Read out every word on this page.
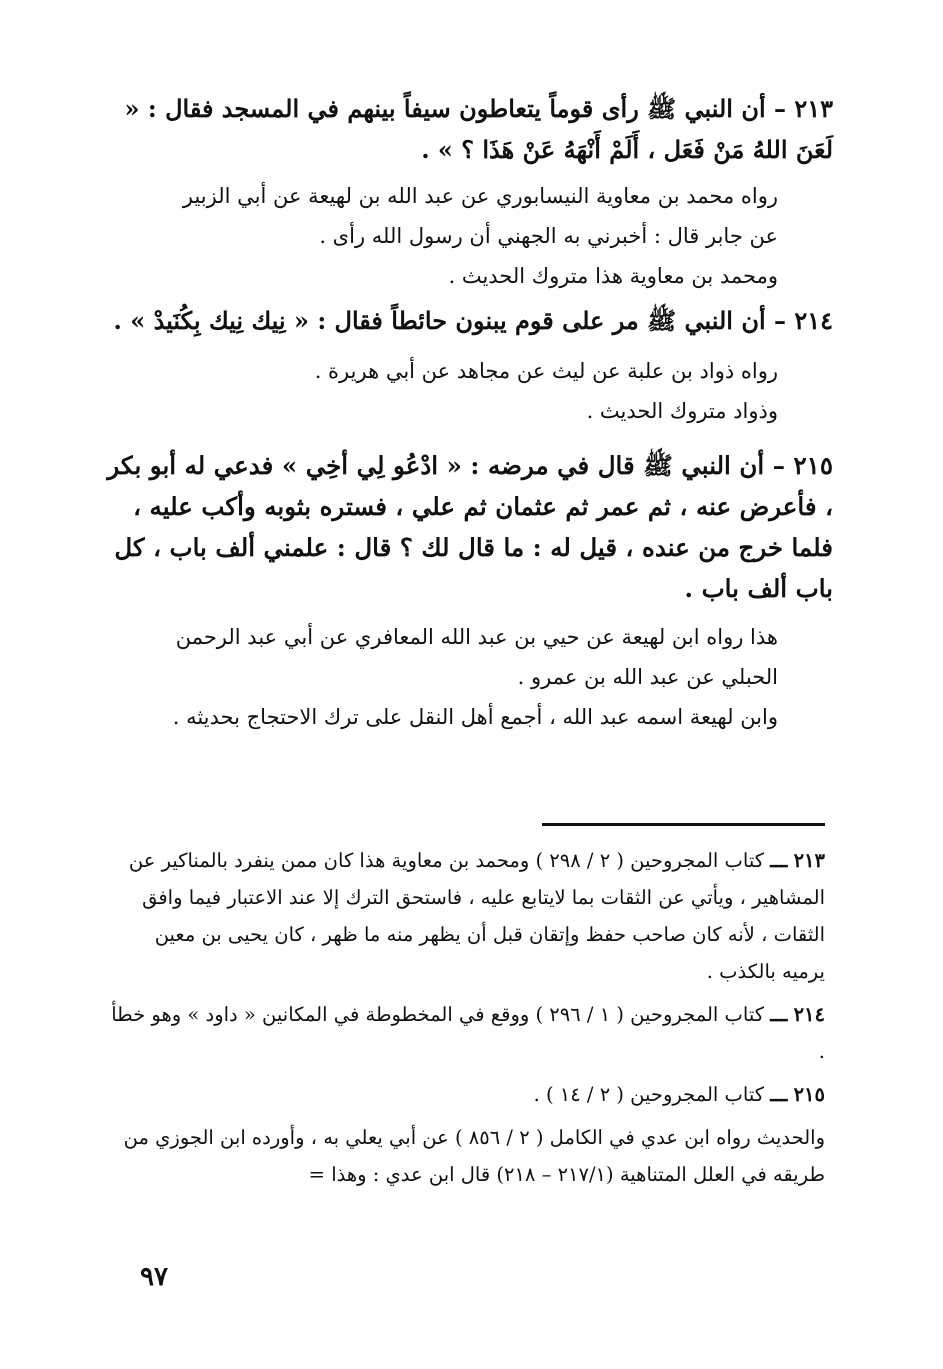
٢١٣ – أن النبي ﷺ رأى قوماً يتعاطون سيفاً بينهم في المسجد فقال : « لَعَنَ اللهُ مَنْ فَعَل ، أَلَمْ أَنْهَهُ عَنْ هَذَا ؟ » .

رواه محمد بن معاوية النيسابوري عن عبد الله بن لهيعة عن أبي الزبير
عن جابر قال : أخبرني به الجهني أن رسول الله رأى .
ومحمد بن معاوية هذا متروك الحديث .

٢١٤ – أن النبي ﷺ مر على قوم يبنون حائطاً فقال : « نِيك نِيك بِكُنَيدْ » .

رواه ذواد بن علبة عن ليث عن مجاهد عن أبي هريرة .
وذواد متروك الحديث .

٢١٥ – أن النبي ﷺ قال في مرضه : « ادْعُو لِي أخِي » فدعي له أبو بكر ، فأعرض عنه ، ثم عمر ثم عثمان ثم علي ، فستره بثوبه وأكب عليه ، فلما خرج من عنده ، قيل له : ما قال لك ؟ قال : علمني ألف باب ، كل باب ألف باب .

هذا رواه ابن لهيعة عن حيي بن عبد الله المعافري عن أبي عبد الرحمن
الحبلي عن عبد الله بن عمرو .
وابن لهيعة اسمه عبد الله ، أجمع أهل النقل على ترك الاحتجاج بحديثه .

٢١٣ ـــ كتاب المجروحين ( ٢ / ٢٩٨ ) ومحمد بن معاوية هذا كان ممن ينفرد بالمناكير عن المشاهير ، ويأتي عن الثقات بما لايتابع عليه ، فاستحق الترك إلا عند الاعتبار فيما وافق الثقات ، لأنه كان صاحب حفظ وإتقان قبل أن يظهر منه ما ظهر ، كان يحيى بن معين يرميه بالكذب .

٢١٤ ـــ كتاب المجروحين ( ١ / ٢٩٦ ) ووقع في المخطوطة في المكانين « داود » وهو خطأ .

٢١٥ ـــ كتاب المجروحين ( ٢ / ١٤ ) .

والحديث رواه ابن عدي في الكامل ( ٢ / ٨٥٦ ) عن أبي يعلي به ، وأورده ابن الجوزي من طريقه في العلل المتناهية (٢١٧/١ – ٢١٨) قال ابن عدي : وهذا =

٩٧
